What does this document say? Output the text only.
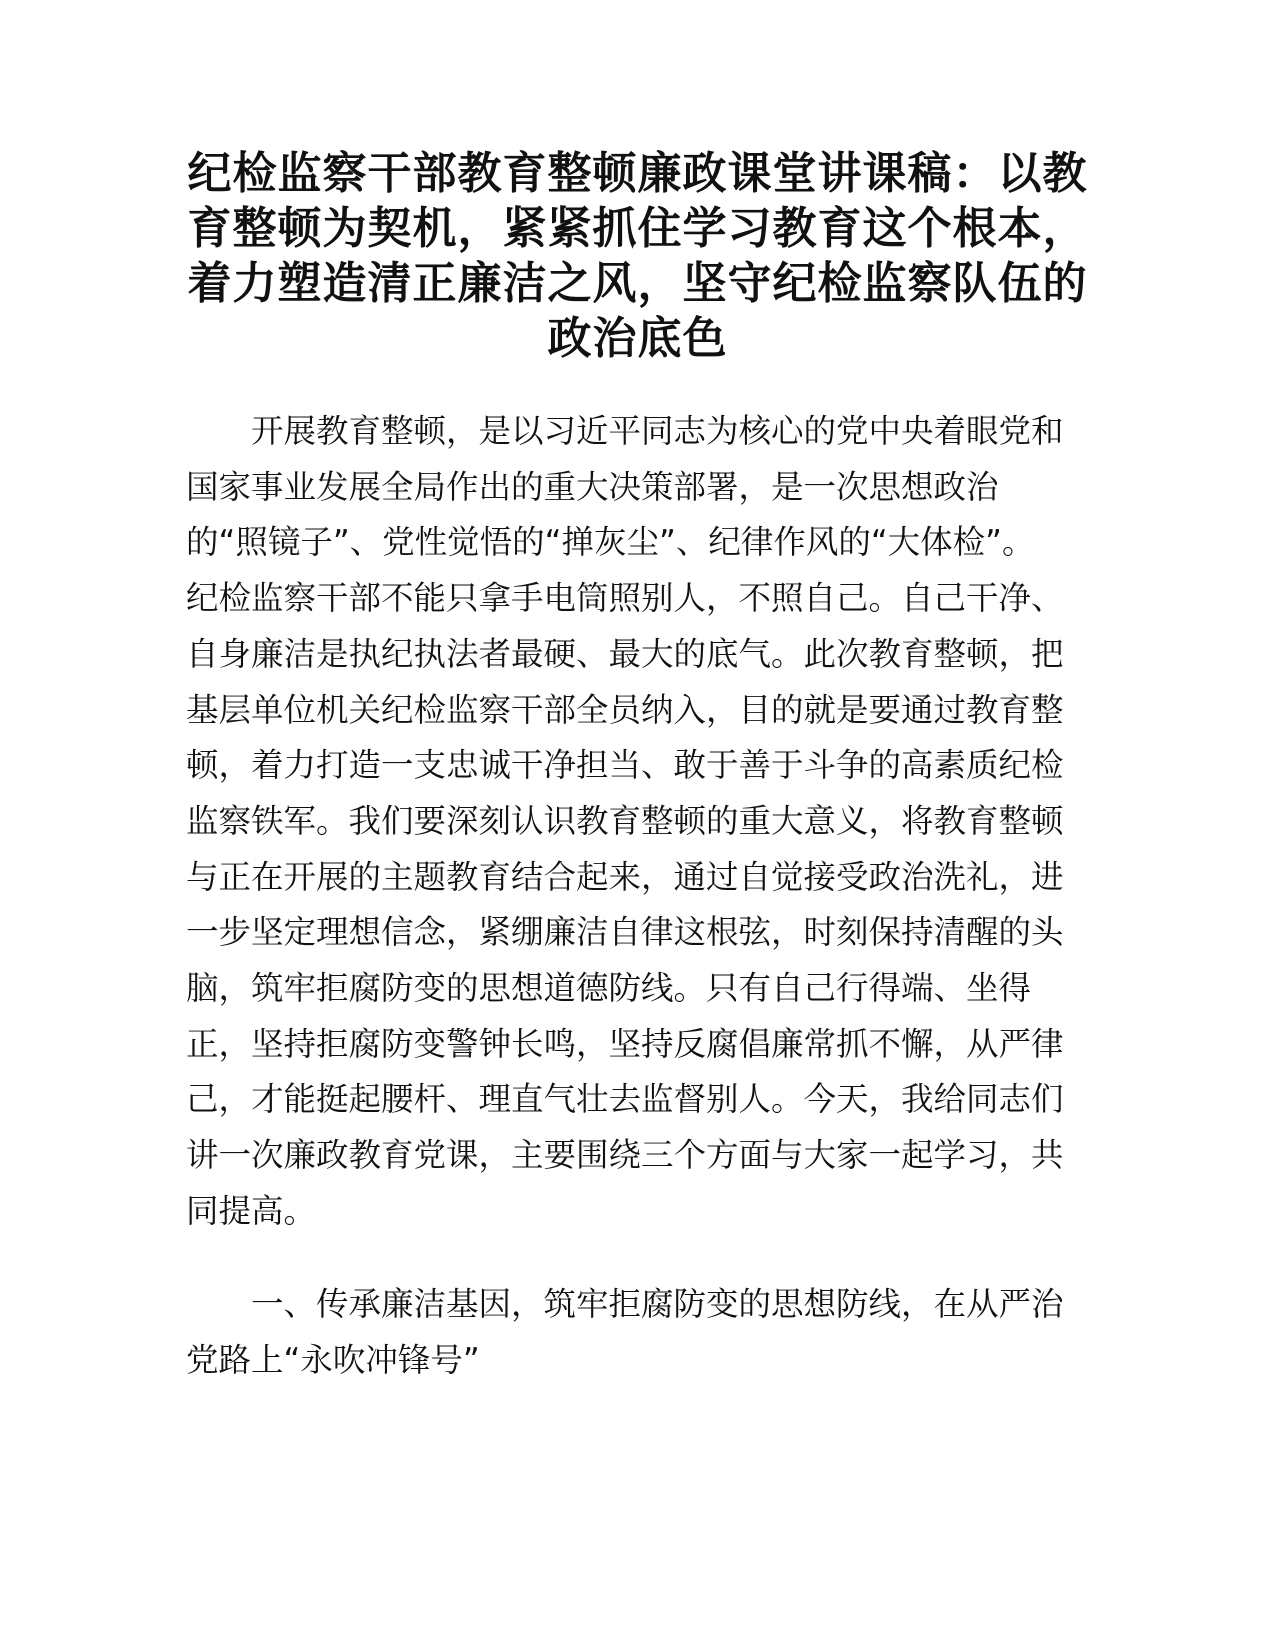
纪检监察干部教育整顿廉政课堂讲课稿：以教
育整顿为契机，紧紧抓住学习教育这个根本，
着力塑造清正廉洁之风，坚守纪检监察队伍的
政治底色

开展教育整顿，是以习近平同志为核心的党中央着眼党和
国家事业发展全局作出的重大决策部署，是一次思想政治
的“照镜子”、党性觉悟的“掸灰尘”、纪律作风的“大体检”。
纪检监察干部不能只拿手电筒照别人，不照自己。自己干净、
自身廉洁是执纪执法者最硬、最大的底气。此次教育整顿，把
基层单位机关纪检监察干部全员纳入，目的就是要通过教育整
顿，着力打造一支忠诚干净担当、敢于善于斗争的高素质纪检
监察铁军。我们要深刻认识教育整顿的重大意义，将教育整顿
与正在开展的主题教育结合起来，通过自觉接受政治洗礼，进
一步坚定理想信念，紧绷廉洁自律这根弦，时刻保持清醒的头
脑，筑牢拒腐防变的思想道德防线。只有自己行得端、坐得
正，坚持拒腐防变警钟长鸣，坚持反腐倡廉常抓不懈，从严律
己，才能挺起腰杆、理直气壮去监督别人。今天，我给同志们
讲一次廉政教育党课，主要围绕三个方面与大家一起学习，共
同提高。

一、传承廉洁基因，筑牢拒腐防变的思想防线，在从严治
党路上“永吹冲锋号”
